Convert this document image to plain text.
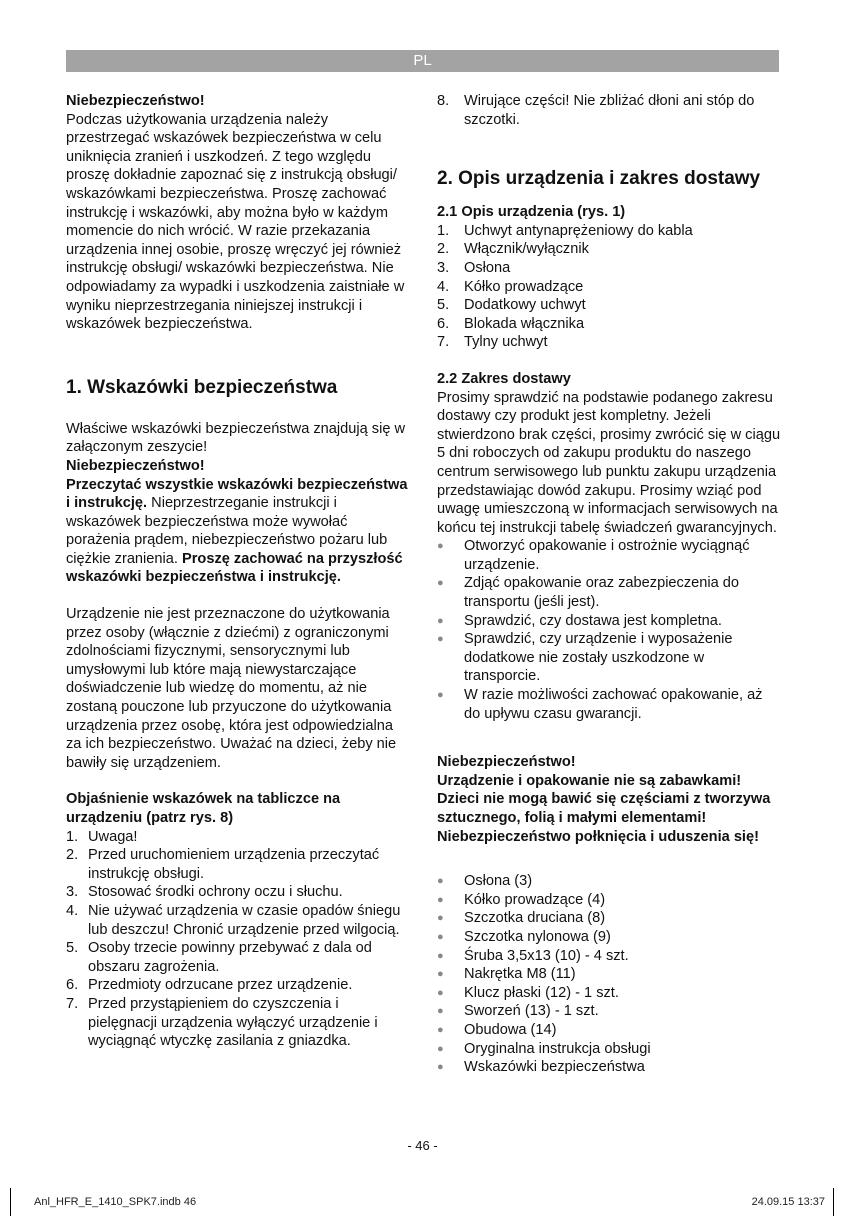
PL

Niebezpieczeństwo!

Podczas użytkowania urządzenia należy przestrzegać wskazówek bezpieczeństwa w celu uniknięcia zranień i uszkodzeń. Z tego względu proszę dokładnie zapoznać się z instrukcją obsługi/ wskazówkami bezpieczeństwa. Proszę zachować instrukcję i wskazówki, aby można było w każdym momencie do nich wrócić. W razie przekazania urządzenia innej osobie, proszę wręczyć jej również instrukcję obsługi/ wskazówki bezpieczeństwa. Nie odpowiadamy za wypadki i uszkodzenia zaistniałe w wyniku nieprzestrzegania niniejszej instrukcji i wskazówek bezpieczeństwa.

1. Wskazówki bezpieczeństwa

Właściwe wskazówki bezpieczeństwa znajdują się w załączonym zeszycie!

Niebezpieczeństwo!

Przeczytać wszystkie wskazówki bezpieczeństwa i instrukcję. Nieprzestrzeganie instrukcji i wskazówek bezpieczeństwa może wywołać porażenia prądem, niebezpieczeństwo pożaru lub ciężkie zranienia. Proszę zachować na przyszłość wskazówki bezpieczeństwa i instrukcję.

Urządzenie nie jest przeznaczone do użytkowania przez osoby (włącznie z dziećmi) z ograniczonymi zdolnościami fizycznymi, sensorycznymi lub umysłowymi lub które mają niewystarczające doświadczenie lub wiedzę do momentu, aż nie zostaną pouczone lub przyuczone do użytkowania urządzenia przez osobę, która jest odpowiedzialna za ich bezpieczeństwo. Uważać na dzieci, żeby nie bawiły się urządzeniem.

Objaśnienie wskazówek na tabliczce na urządzeniu (patrz rys. 8)

1. Uwaga!
2. Przed uruchomieniem urządzenia przeczytać instrukcję obsługi.
3. Stosować środki ochrony oczu i słuchu.
4. Nie używać urządzenia w czasie opadów śniegu lub deszczu! Chronić urządzenie przed wilgocią.
5. Osoby trzecie powinny przebywać z dala od obszaru zagrożenia.
6. Przedmioty odrzucane przez urządzenie.
7. Przed przystąpieniem do czyszczenia i pielęgnacji urządzenia wyłączyć urządzenie i wyciągnąć wtyczkę zasilania z gniazdka.
8.	Wirujące części! Nie zbliżać dłoni ani stóp do szczotki.
2. Opis urządzenia i zakres dostawy

2.1 Opis urządzenia (rys. 1)

1.	Uchwyt antynaprężeniowy do kabla
2.	Włącznik/wyłącznik
3.	Osłona
4.	Kółko prowadzące
5.	Dodatkowy uchwyt
6.	Blokada włącznika
7.	Tylny uchwyt

2.2 Zakres dostawy

Prosimy sprawdzić na podstawie podanego zakresu dostawy czy produkt jest kompletny. Jeżeli stwierdzono brak części, prosimy zwrócić się w ciągu 5 dni roboczych od zakupu produktu do naszego centrum serwisowego lub punktu zakupu urządzenia przedstawiając dowód zakupu. Prosimy wziąć pod uwagę umieszczoną w informacjach serwisowych na końcu tej instrukcji tabelę świadczeń gwarancyjnych.

●	Otworzyć opakowanie i ostrożnie wyciągnąć urządzenie.
●	Zdjąć opakowanie oraz zabezpieczenia do transportu (jeśli jest).
●	Sprawdzić, czy dostawa jest kompletna.
●	Sprawdzić, czy urządzenie i wyposażenie dodatkowe nie zostały uszkodzone w transporcie.
●	W razie możliwości zachować opakowanie, aż do upływu czasu gwarancji.

Niebezpieczeństwo!

Urządzenie i opakowanie nie są zabawkami! Dzieci nie mogą bawić się częściami z tworzywa sztucznego, folią i małymi elementami! Niebezpieczeństwo połknięcia i uduszenia się!

●	Osłona (3)
●	Kółko prowadzące (4)
●	Szczotka druciana (8)
●	Szczotka nylonowa (9)
●	Śruba 3,5x13 (10) - 4 szt.
●	Nakrętka M8 (11)
●	Klucz płaski (12) - 1 szt.
●	Sworzeń (13) - 1 szt.
●	Obudowa (14)
●	Oryginalna instrukcja obsługi
●	Wskazówki bezpieczeństwa
- 46 -
Anl_HFR_E_1410_SPK7.indb 46	24.09.15 13:37
